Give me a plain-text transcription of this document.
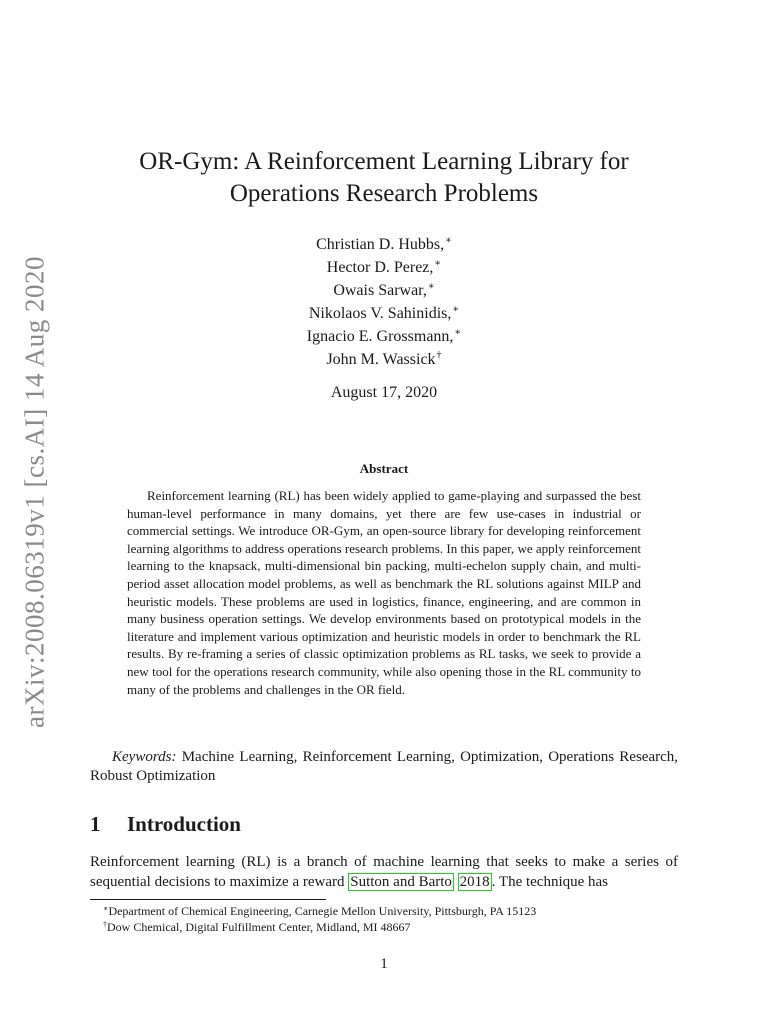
arXiv:2008.06319v1 [cs.AI] 14 Aug 2020
OR-Gym: A Reinforcement Learning Library for
Operations Research Problems
Christian D. Hubbs,∗
Hector D. Perez,∗
Owais Sarwar,∗
Nikolaos V. Sahinidis,∗
Ignacio E. Grossmann,∗
John M. Wassick†
August 17, 2020
Abstract
Reinforcement learning (RL) has been widely applied to game-playing and surpassed the best human-level performance in many domains, yet there are few use-cases in industrial or commercial settings. We introduce OR-Gym, an open-source library for developing reinforcement learning algorithms to address operations research problems. In this paper, we apply reinforcement learning to the knapsack, multi-dimensional bin packing, multi-echelon supply chain, and multi-period asset allocation model problems, as well as benchmark the RL solutions against MILP and heuristic models. These problems are used in logistics, finance, engineering, and are common in many business operation settings. We develop environments based on prototypical models in the literature and implement various optimization and heuristic models in order to benchmark the RL results. By re-framing a series of classic optimization problems as RL tasks, we seek to provide a new tool for the operations research community, while also opening those in the RL community to many of the problems and challenges in the OR field.
Keywords: Machine Learning, Reinforcement Learning, Optimization, Operations Research, Robust Optimization
1 Introduction
Reinforcement learning (RL) is a branch of machine learning that seeks to make a series of sequential decisions to maximize a reward Sutton and Barto 2018 . The technique has
∗Department of Chemical Engineering, Carnegie Mellon University, Pittsburgh, PA 15123
†Dow Chemical, Digital Fulfillment Center, Midland, MI 48667
1
